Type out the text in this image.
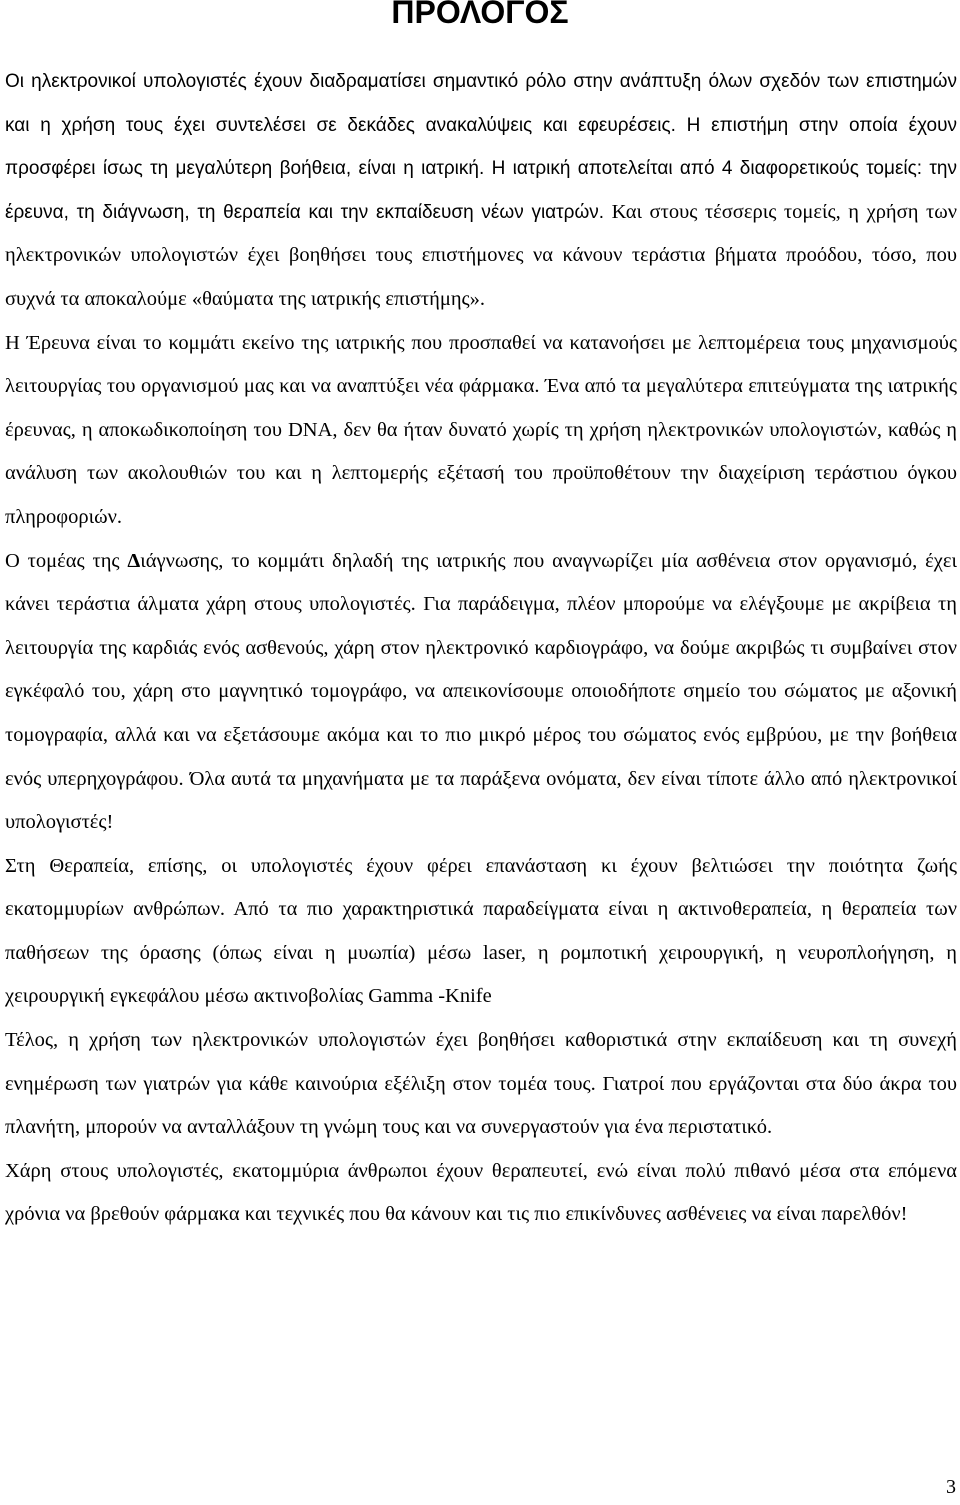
ΠΡΟΛΟΓΟΣ

Οι ηλεκτρονικοί υπολογιστές έχουν διαδραματίσει σημαντικό ρόλο στην ανάπτυξη όλων σχεδόν των επιστημών και η χρήση τους έχει συντελέσει σε δεκάδες ανακαλύψεις και εφευρέσεις. Η επιστήμη στην οποία έχουν προσφέρει ίσως τη μεγαλύτερη βοήθεια, είναι η ιατρική. Η ιατρική αποτελείται από 4 διαφορετικούς τομείς: την έρευνα, τη διάγνωση, τη θεραπεία και την εκπαίδευση νέων γιατρών. Και στους τέσσερις τομείς, η χρήση των ηλεκτρονικών υπολογιστών έχει βοηθήσει τους επιστήμονες να κάνουν τεράστια βήματα προόδου, τόσο, που συχνά τα αποκαλούμε «θαύματα της ιατρικής επιστήμης».

Η Έρευνα είναι το κομμάτι εκείνο της ιατρικής που προσπαθεί να κατανοήσει με λεπτομέρεια τους μηχανισμούς λειτουργίας του οργανισμού μας και να αναπτύξει νέα φάρμακα. Ένα από τα μεγαλύτερα επιτεύγματα της ιατρικής έρευνας, η αποκωδικοποίηση του DNA, δεν θα ήταν δυνατό χωρίς τη χρήση ηλεκτρονικών υπολογιστών, καθώς η ανάλυση των ακολουθιών του και η λεπτομερής εξέτασή του προϋποθέτουν την διαχείριση τεράστιου όγκου πληροφοριών.

Ο τομέας της Διάγνωσης, το κομμάτι δηλαδή της ιατρικής που αναγνωρίζει μία ασθένεια στον οργανισμό, έχει κάνει τεράστια άλματα χάρη στους υπολογιστές. Για παράδειγμα, πλέον μπορούμε να ελέγξουμε με ακρίβεια τη λειτουργία της καρδιάς ενός ασθενούς, χάρη στον ηλεκτρονικό καρδιογράφο, να δούμε ακριβώς τι συμβαίνει στον εγκέφαλό του, χάρη στο μαγνητικό τομογράφο, να απεικονίσουμε οποιοδήποτε σημείο του σώματος με αξονική τομογραφία, αλλά και να εξετάσουμε ακόμα και το πιο μικρό μέρος του σώματος ενός εμβρύου, με την βοήθεια ενός υπερηχογράφου. Όλα αυτά τα μηχανήματα με τα παράξενα ονόματα, δεν είναι τίποτε άλλο από ηλεκτρονικοί υπολογιστές!

Στη Θεραπεία, επίσης, οι υπολογιστές έχουν φέρει επανάσταση κι έχουν βελτιώσει την ποιότητα ζωής εκατομμυρίων ανθρώπων. Από τα πιο χαρακτηριστικά παραδείγματα είναι η ακτινοθεραπεία, η θεραπεία των παθήσεων της όρασης (όπως είναι η μυωπία) μέσω laser, η ρομποτική χειρουργική, η νευροπλοήγηση, η χειρουργική εγκεφάλου μέσω ακτινοβολίας Gamma -Knife

Τέλος, η χρήση των ηλεκτρονικών υπολογιστών έχει βοηθήσει καθοριστικά στην εκπαίδευση και τη συνεχή ενημέρωση των γιατρών για κάθε καινούρια εξέλιξη στον τομέα τους. Γιατροί που εργάζονται στα δύο άκρα του πλανήτη, μπορούν να ανταλλάξουν τη γνώμη τους και να συνεργαστούν για ένα περιστατικό.

Χάρη στους υπολογιστές, εκατομμύρια άνθρωποι έχουν θεραπευτεί, ενώ είναι πολύ πιθανό μέσα στα επόμενα χρόνια να βρεθούν φάρμακα και τεχνικές που θα κάνουν και τις πιο επικίνδυνες ασθένειες να είναι παρελθόν!

3
